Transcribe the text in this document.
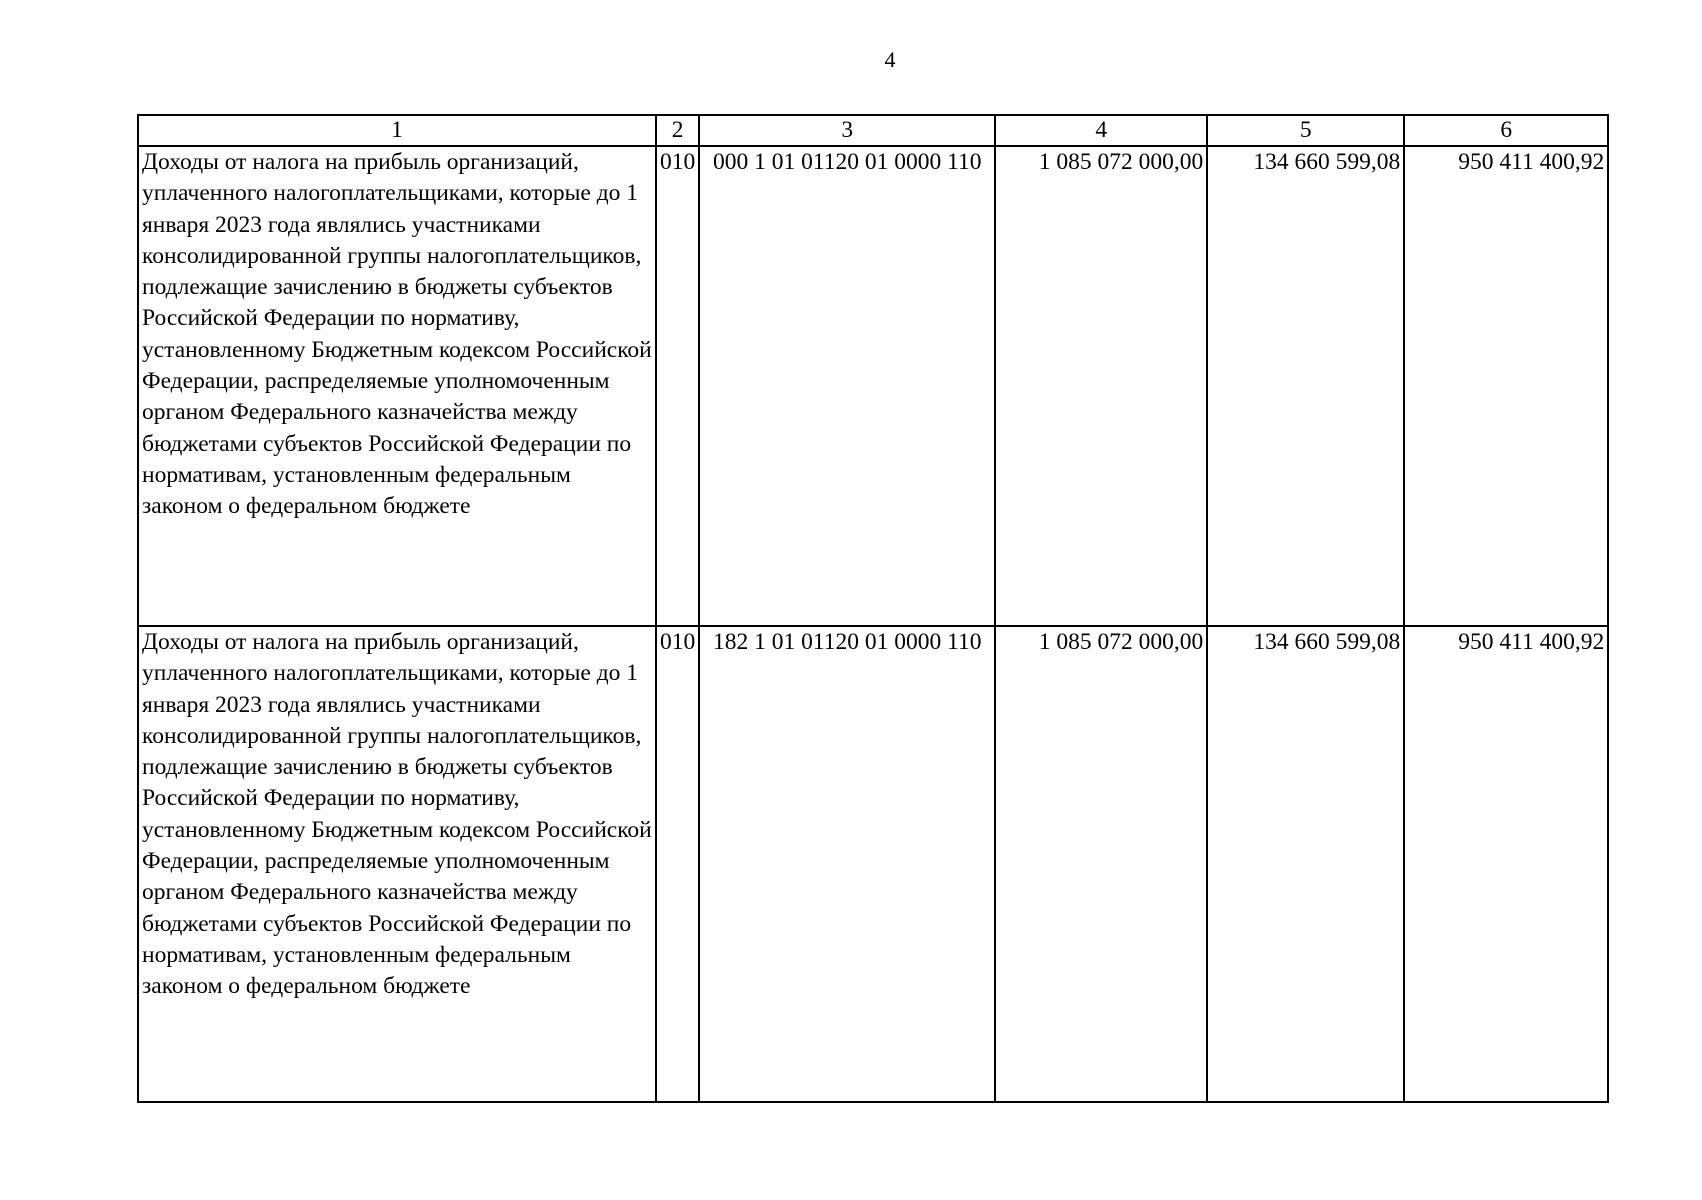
4
1	2	3	4	5	6
Доходы от налога на прибыль организаций, уплаченного налогоплательщиками, которые до 1 января 2023 года являлись участниками консолидированной группы налогоплательщиков, подлежащие зачислению в бюджеты субъектов Российской Федерации по нормативу, установленному Бюджетным кодексом Российской Федерации, распределяемые уполномоченным органом Федерального казначейства между бюджетами субъектов Российской Федерации по нормативам, установленным федеральным законом о федеральном бюджете	010	000 1 01 01120 01 0000 110	1 085 072 000,00	134 660 599,08	950 411 400,92
Доходы от налога на прибыль организаций, уплаченного налогоплательщиками, которые до 1 января 2023 года являлись участниками консолидированной группы налогоплательщиков, подлежащие зачислению в бюджеты субъектов Российской Федерации по нормативу, установленному Бюджетным кодексом Российской Федерации, распределяемые уполномоченным органом Федерального казначейства между бюджетами субъектов Российской Федерации по нормативам, установленным федеральным законом о федеральном бюджете	010	182 1 01 01120 01 0000 110	1 085 072 000,00	134 660 599,08	950 411 400,92
